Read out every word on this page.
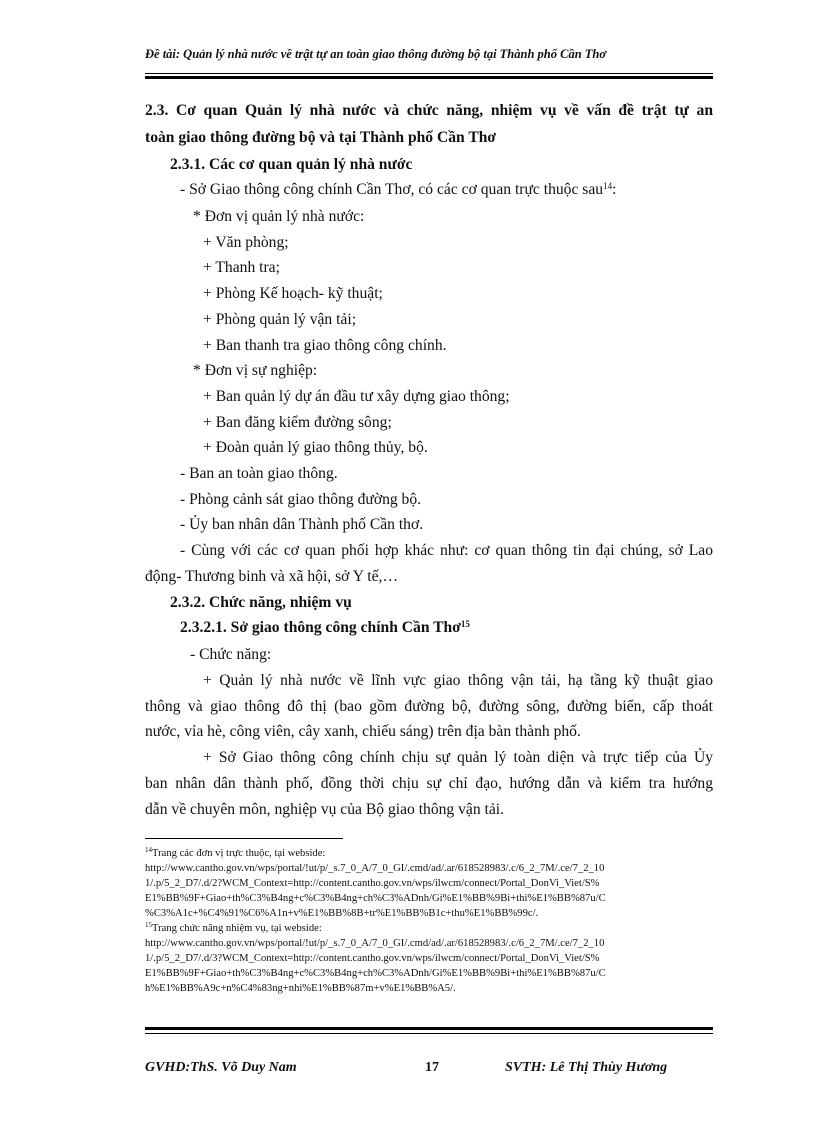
Đề tài: Quản lý nhà nước về trật tự an toàn giao thông đường bộ tại Thành phố Cần Thơ
2.3. Cơ quan Quản lý nhà nước và chức năng, nhiệm vụ về vấn đề trật tự an
toàn giao thông đường bộ và tại Thành phố Cần Thơ
2.3.1. Các cơ quan quản lý nhà nước
- Sở Giao thông công chính Cần Thơ, có các cơ quan trực thuộc sau$^{14}$:
* Đơn vị quản lý nhà nước:
+ Văn phòng;
+ Thanh tra;
+ Phòng Kế hoạch- kỹ thuật;
+ Phòng quản lý vận tải;
+ Ban thanh tra giao thông công chính.
* Đơn vị sự nghiệp:
+ Ban quản lý dự án đầu tư xây dựng giao thông;
+ Ban đăng kiểm đường sông;
+ Đoàn quản lý giao thông thủy, bộ.
- Ban an toàn giao thông.
- Phòng cảnh sát giao thông đường bộ.
- Ủy ban nhân dân Thành phố Cần thơ.
- Cùng với các cơ quan phối hợp khác như: cơ quan thông tin đại chúng, sở Lao
động- Thương binh và xã hội, sở Y tế,…
2.3.2. Chức năng, nhiệm vụ
2.3.2.1. Sở giao thông công chính Cần Thơ$^{15}$
- Chức năng:
+ Quản lý nhà nước về lĩnh vực giao thông vận tải, hạ tầng kỹ thuật giao
thông và giao thông đô thị (bao gồm đường bộ, đường sông, đường biển, cấp thoát
nước, vỉa hè, công viên, cây xanh, chiếu sáng) trên địa bàn thành phố.
+ Sở Giao thông công chính chịu sự quản lý toàn diện và trực tiếp của Ủy
ban nhân dân thành phố, đồng thời chịu sự chỉ đạo, hướng dẫn và kiểm tra hướng
dẫn về chuyên môn, nghiệp vụ của Bộ giao thông vận tải.
$^{14}$Trang các đơn vị trực thuộc, tại webside:
http://www.cantho.gov.vn/wps/portal/!ut/p/_s.7_0_A/7_0_GI/.cmd/ad/.ar/618528983/.c/6_2_7M/.ce/7_2_10
1/.p/5_2_D7/.d/2?WCM_Context=http://content.cantho.gov.vn/wps/ilwcm/connect/Portal_DonVi_Viet/S%
E1%BB%9F+Giao+th%C3%B4ng+c%C3%B4ng+ch%C3%ADnh/Gi%E1%BB%9Bi+thi%E1%BB%87u/C
%C3%A1c+%C4%91%C6%A1n+v%E1%BB%8B+tr%E1%BB%B1c+thu%E1%BB%99c/.
$^{15}$Trang chức năng nhiệm vụ, tại webside:
http://www.cantho.gov.vn/wps/portal/!ut/p/_s.7_0_A/7_0_GI/.cmd/ad/.ar/618528983/.c/6_2_7M/.ce/7_2_10
1/.p/5_2_D7/.d/3?WCM_Context=http://content.cantho.gov.vn/wps/ilwcm/connect/Portal_DonVi_Viet/S%
E1%BB%9F+Giao+th%C3%B4ng+c%C3%B4ng+ch%C3%ADnh/Gi%E1%BB%9Bi+thi%E1%BB%87u/C
h%E1%BB%A9c+n%C4%83ng+nhi%E1%BB%87m+v%E1%BB%A5/.
GVHD:ThS. Võ Duy Nam	17	SVTH: Lê Thị Thùy Hương
